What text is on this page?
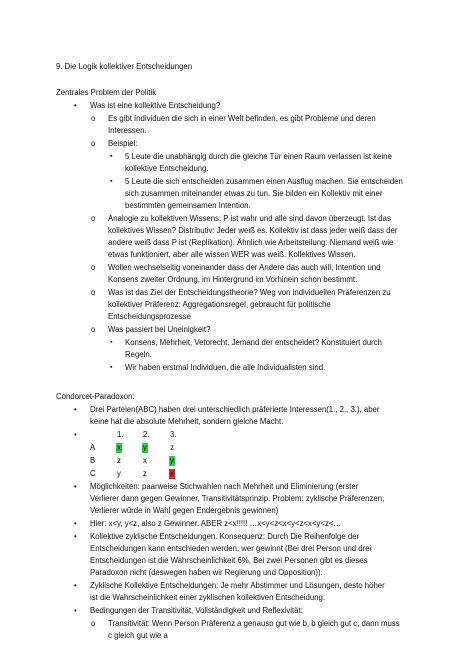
9. Die Logik kollektiver Entscheidungen
Zentrales Problem der Politik
• Was ist eine kollektive Entscheidung?
o Es gibt Individuen die sich in einer Welt befinden, es gibt Probleme und deren
Interessen.
o Beispiel:
▪ 5 Leute die unabhängig durch die gleiche Tür einen Raum verlassen ist keine
kollektive Entscheidung.
▪ 5 Leute die sich entscheiden zusammen einen Ausflug machen. Sie entscheiden
sich zusammen miteinander etwas zu tun. Sie bilden ein Kollektiv mit einer
bestimmten gemeinsamen Intention.
o Analogie zu kollektiven Wissens: P ist wahr und alle sind davon überzeugt. Ist das
kollektives Wissen? Distributiv: Jeder weiß es. Kollektiv ist dass jeder weiß dass der
andere weiß dass P ist (Replikation). Ähnlich wie Arbeitsteilung: Niemand weiß wie
etwas funktioniert, aber alle wissen WER was weiß. Kollektives Wissen.
o Wollen wechselseitig voneinander dass der Andere das auch will, Intention und
Konsens zweiter Ordnung, im Hintergrund im Vorhinein schon bestimmt.
o Was ist das Ziel der Entscheidungstheorie? Weg von individuellen Präferenzen zu
kollektiver Präferenz: Aggregationsregel, gebraucht für politische
Entscheidungsprozesse
o Was passiert bei Uneinigkeit?
▪ Konsens, Mehrheit, Vetorecht, Jemand der entscheidet? Konstituiert durch
Regeln.
▪ Wir haben erstmal Individuen, die alle Individualisten sind.
Condorcet-Paradoxon:
• Drei Parteien(ABC) haben drei unterschiedlich präferierte Interessen(1., 2., 3.), aber
keine hat die absolute Mehrheit, sondern gleiche Macht.
•	1. 2.	3.
A	x	y	z
B	z	x	y
C	y	z	x
• Möglichkeiten: paarweise Stichwahlen nach Mehrheit und Eliminierung (erster
Verlierer dann gegen Gewinner, Transitivitätsprinzip. Problem: zyklische Präferenzen,
Verlierer würde in Wahl gegen Endergebnis gewinnen)
• Hier: x<y, y<z, also z Gewinner. ABER z<x!!!!! …x<y<z<x<y<z<x<y<z<…
• Kollektive zyklische Entscheidungen. Konsequenz: Durch Die Reihenfolge der
Entscheidungen kann entschieden werden, wer gewinnt (Bei drei Person und drei
Entscheidungen ist die Wahrscheinlichkeit 6%, Bei zwei Personen gibt es dieses
Paradoxon nicht (deswegen haben wir Regierung und Opposition)).
• Zyklische Kollektive Entscheidungen: Je mehr Abstimmer und Lösungen, desto höher
ist die Wahrscheinlichkeit einer zyklischen kollektiven Entscheidung.
• Bedingungen der Transitivität, Vollständigkeit und Reflexivität:
o Transitivität: Wenn Person Präferenz a genauso gut wie b, b gleich gut c, dann muss
c gleich gut wie a
